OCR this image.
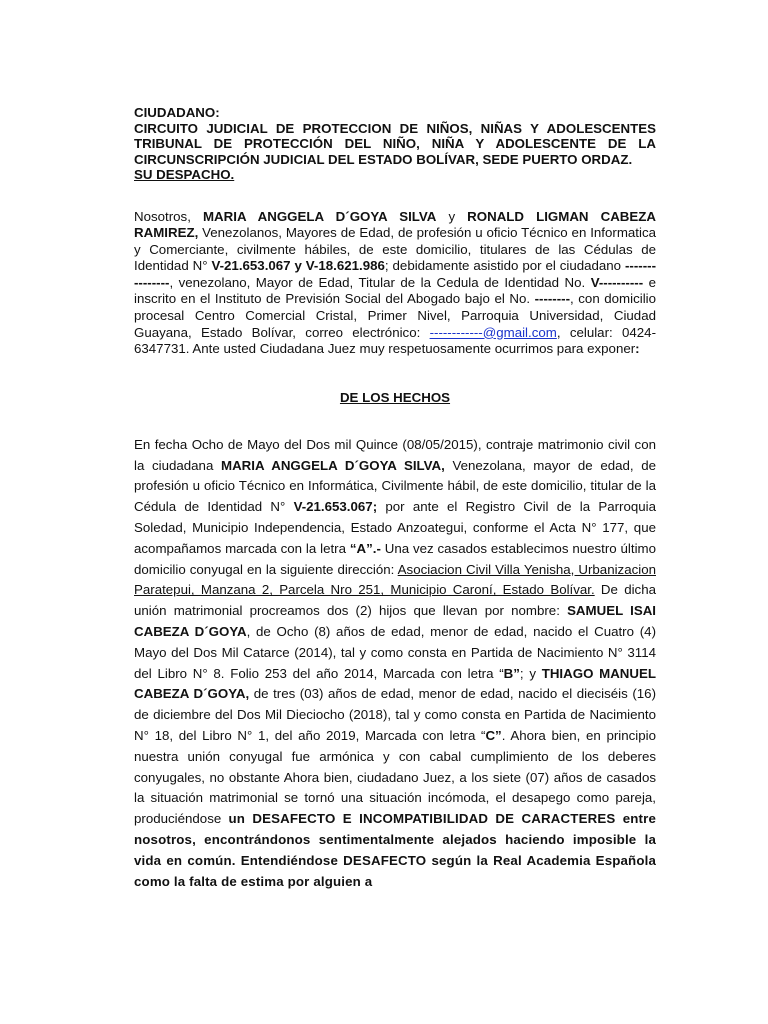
CIUDADANO:
CIRCUITO JUDICIAL DE PROTECCION DE NIÑOS, NIÑAS Y ADOLESCENTES TRIBUNAL DE PROTECCIÓN DEL NIÑO, NIÑA Y ADOLESCENTE DE LA CIRCUNSCRIPCIÓN JUDICIAL DEL ESTADO BOLÍVAR, SEDE PUERTO ORDAZ.
SU DESPACHO.

Nosotros, MARIA ANGGELA D´GOYA SILVA y RONALD LIGMAN CABEZA RAMIREZ, Venezolanos, Mayores de Edad, de profesión u oficio Técnico en Informatica y Comerciante, civilmente hábiles, de este domicilio, titulares de las Cédulas de Identidad N° V-21.653.067 y V-18.621.986; debidamente asistido por el ciudadano ---------------, venezolano, Mayor de Edad, Titular de la Cedula de Identidad No. V---------- e inscrito en el Instituto de Previsión Social del Abogado bajo el No. --------, con domicilio procesal Centro Comercial Cristal, Primer Nivel, Parroquia Universidad, Ciudad Guayana, Estado Bolívar, correo electrónico: ------------@gmail.com, celular: 0424-6347731. Ante usted Ciudadana Juez muy respetuosamente ocurrimos para exponer:

DE LOS HECHOS

En fecha Ocho de Mayo del Dos mil Quince (08/05/2015), contraje matrimonio civil con la ciudadana MARIA ANGGELA D´GOYA SILVA, Venezolana, mayor de edad, de profesión u oficio Técnico en Informática, Civilmente hábil, de este domicilio, titular de la Cédula de Identidad N° V-21.653.067; por ante el Registro Civil de la Parroquia Soledad, Municipio Independencia, Estado Anzoategui, conforme el Acta N° 177, que acompañamos marcada con la letra “A”.- Una vez casados establecimos nuestro último domicilio conyugal en la siguiente dirección: Asociacion Civil Villa Yenisha, Urbanizacion Paratepui, Manzana 2, Parcela Nro 251, Municipio Caroní, Estado Bolívar. De dicha unión matrimonial procreamos dos (2) hijos que llevan por nombre: SAMUEL ISAI CABEZA D´GOYA, de Ocho (8) años de edad, menor de edad, nacido el Cuatro (4) Mayo del Dos Mil Catarce (2014), tal y como consta en Partida de Nacimiento N° 3114 del Libro N° 8. Folio 253 del año 2014, Marcada con letra “B”; y THIAGO MANUEL CABEZA D´GOYA, de tres (03) años de edad, menor de edad, nacido el dieciséis (16) de diciembre del Dos Mil Dieciocho (2018), tal y como consta en Partida de Nacimiento N° 18, del Libro N° 1, del año 2019, Marcada con letra “C”. Ahora bien, en principio nuestra unión conyugal fue armónica y con cabal cumplimiento de los deberes conyugales, no obstante Ahora bien, ciudadano Juez, a los siete (07) años de casados la situación matrimonial se tornó una situación incómoda, el desapego como pareja, produciéndose un DESAFECTO E INCOMPATIBILIDAD DE CARACTERES entre nosotros, encontrándonos sentimentalmente alejados haciendo imposible la vida en común. Entendiéndose DESAFECTO según la Real Academia Española como la falta de estima por alguien a
